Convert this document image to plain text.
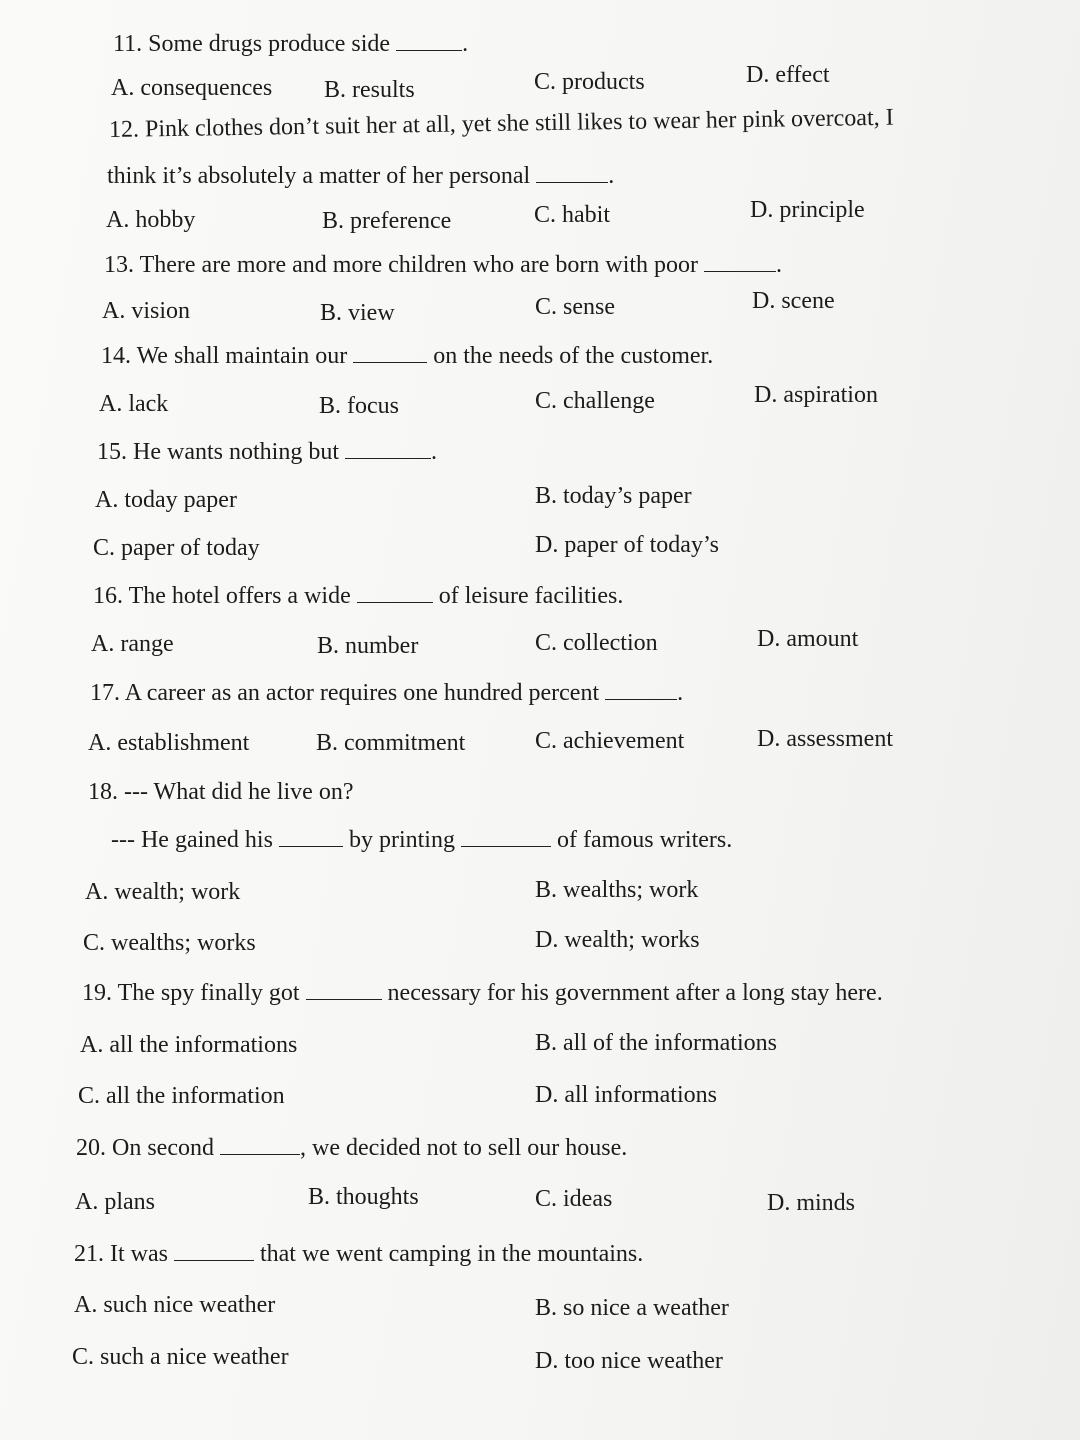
11. Some drugs produce side	.
A. consequences B. results	C. products	D. effect
12. Pink clothes don’t suit her at all, yet she still likes to wear her pink overcoat, I
think it’s absolutely a matter of her personal	.
A. hobby	B. preference	C. habit	D. principle
13. There are more and more children who are born with poor	.
A. vision	B. view	C. sense	D. scene
14. We shall maintain our	on the needs of the customer.
A. lack	B. focus	C. challenge	D. aspiration
15. He wants nothing but	.
A. today paper	B. today’s paper
C. paper of today	D. paper of today’s
16. The hotel offers a wide	of leisure facilities.
A. range	B. number	C. collection	D. amount
17. A career as an actor requires one hundred percent	.
A. establishment	B. commitment	C. achievement	D. assessment
18. --- What did he live on?
--- He gained his	by printing	of famous writers.
A. wealth; work	B. wealths; work
C. wealths; works	D. wealth; works
19. The spy finally got	necessary for his government after a long stay here.
A. all the informations	B. all of the informations
C. all the information	D. all informations
20. On second	, we decided not to sell our house.
A. plans	B. thoughts	C. ideas	D. minds
21. It was	that we went camping in the mountains.
A. such nice weather	B. so nice a weather
C. such a nice weather	D. too nice weather
